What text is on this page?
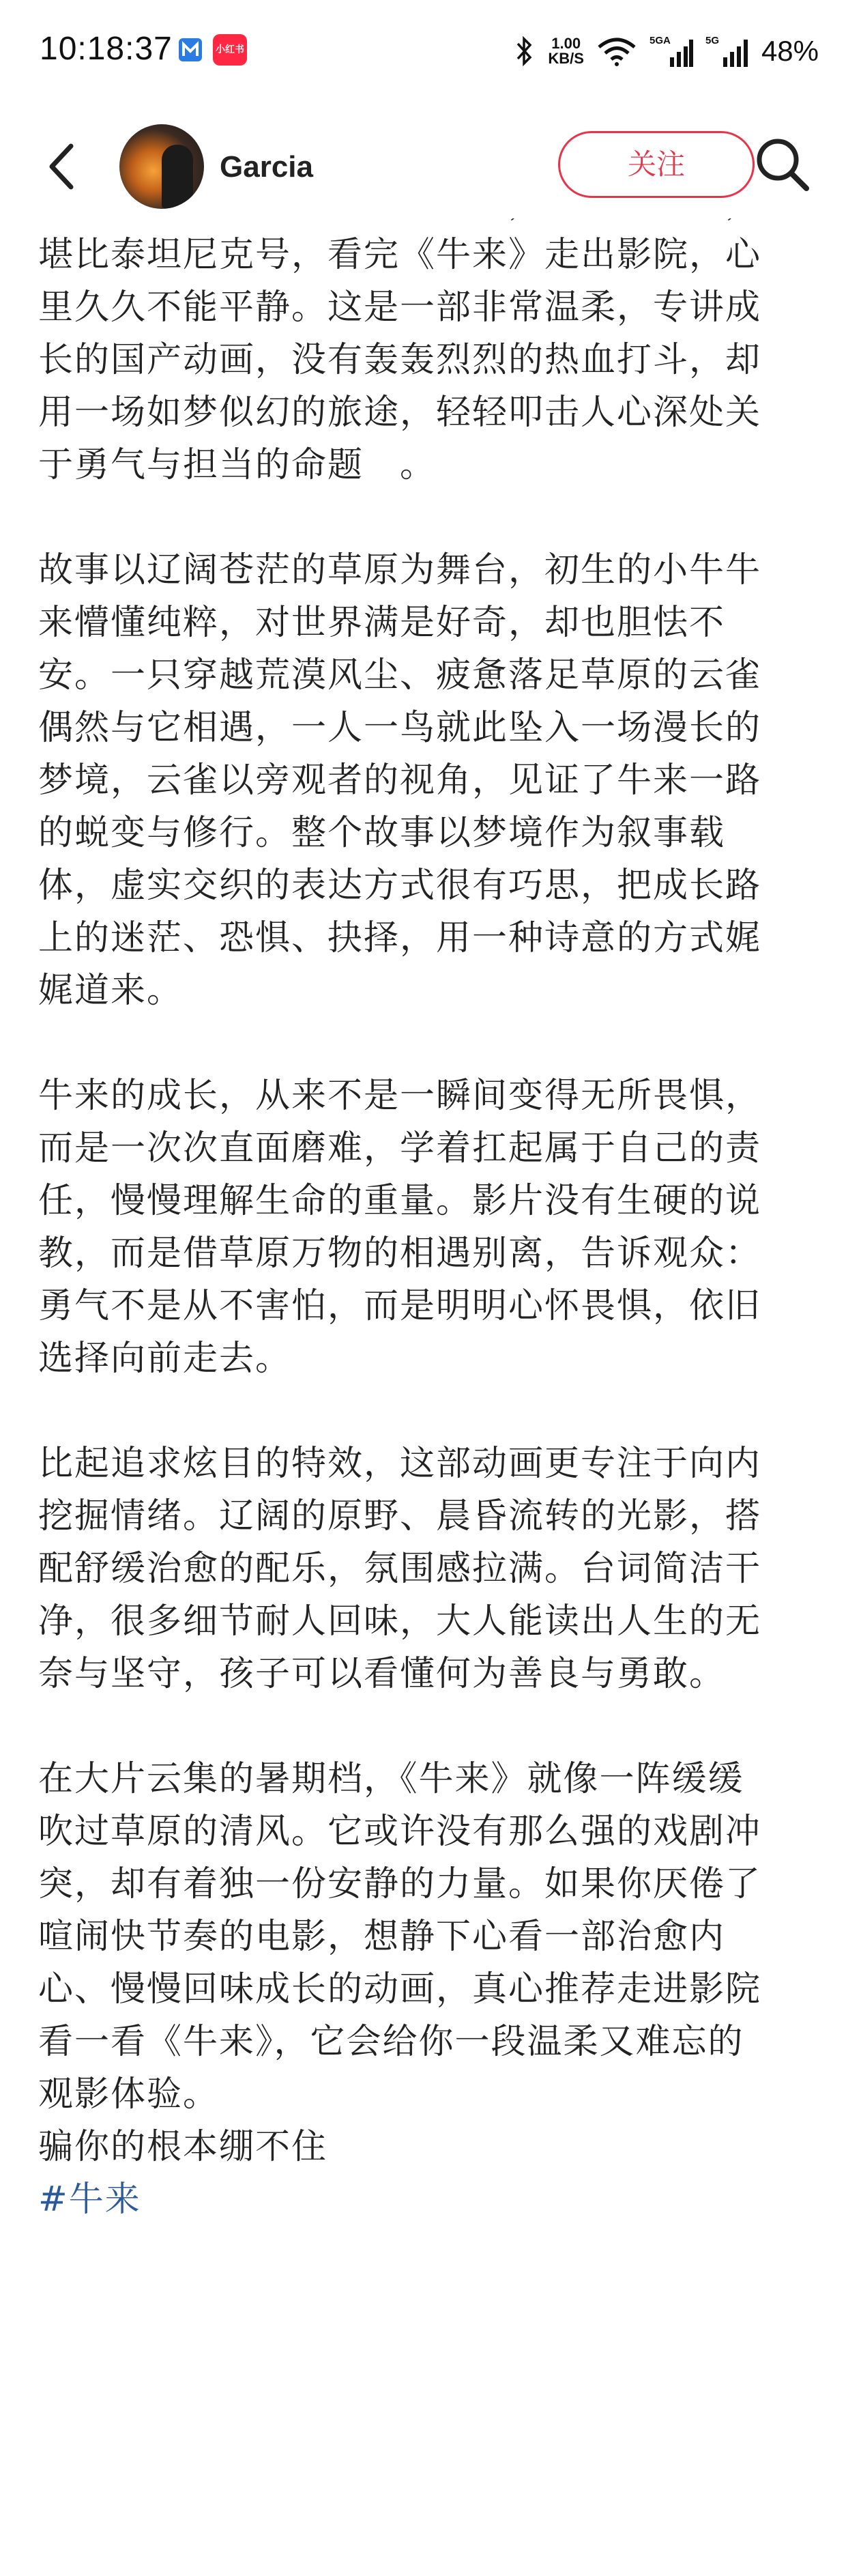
10:18:37	小红书	1.00
KB/S
5GA	5G 48%
Garcia	关注
堪比泰坦尼克号，看完《牛来》走出影院，心
里久久不能平静。这是一部非常温柔，专讲成
长的国产动画，没有轰轰烈烈的热血打斗，却
用一场如梦似幻的旅途，轻轻叩击人心深处关
于勇气与担当的命题　。
故事以辽阔苍茫的草原为舞台，初生的小牛牛
来懵懂纯粹，对世界满是好奇，却也胆怯不
安。一只穿越荒漠风尘、疲惫落足草原的云雀
偶然与它相遇，一人一鸟就此坠入一场漫长的
梦境，云雀以旁观者的视角，见证了牛来一路
的蜕变与修行。整个故事以梦境作为叙事载
体，虚实交织的表达方式很有巧思，把成长路
上的迷茫、恐惧、抉择，用一种诗意的方式娓
娓道来。
牛来的成长，从来不是一瞬间变得无所畏惧，
而是一次次直面磨难，学着扛起属于自己的责
任，慢慢理解生命的重量。影片没有生硬的说
教，而是借草原万物的相遇别离，告诉观众：
勇气不是从不害怕，而是明明心怀畏惧，依旧
选择向前走去。
比起追求炫目的特效，这部动画更专注于向内
挖掘情绪。辽阔的原野、晨昏流转的光影，搭
配舒缓治愈的配乐，氛围感拉满。台词简洁干
净，很多细节耐人回味，大人能读出人生的无
奈与坚守，孩子可以看懂何为善良与勇敢。
在大片云集的暑期档，《牛来》就像一阵缓缓
吹过草原的清风。它或许没有那么强的戏剧冲
突，却有着独一份安静的力量。如果你厌倦了
喧闹快节奏的电影，想静下心看一部治愈内
心、慢慢回味成长的动画，真心推荐走进影院
看一看《牛来》，它会给你一段温柔又难忘的
观影体验。
骗你的根本绷不住
#牛来
